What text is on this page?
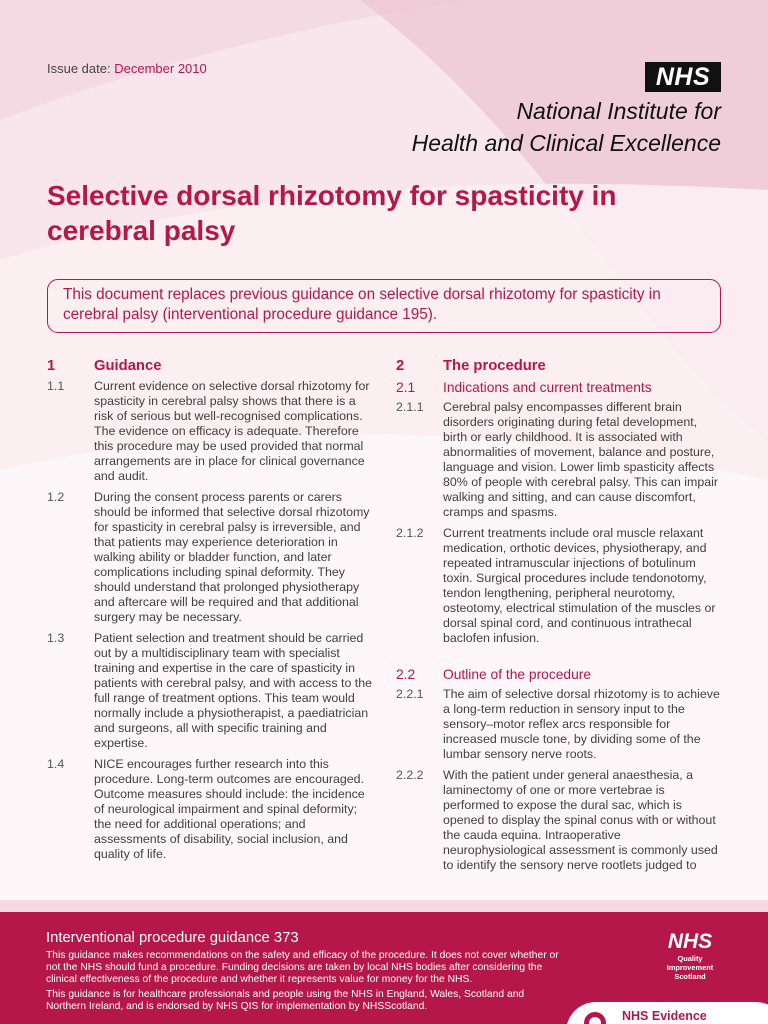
Issue date: December 2010	NHS
National Institute for
Health and Clinical Excellence
Selective dorsal rhizotomy for spasticity in
cerebral palsy
This document replaces previous guidance on selective dorsal rhizotomy for spasticity in cerebral palsy (interventional procedure guidance 195).
1	Guidance
1.1	Current evidence on selective dorsal rhizotomy for spasticity in cerebral palsy shows that there is a risk of serious but well-recognised complications. The evidence on efficacy is adequate. Therefore this procedure may be used provided that normal arrangements are in place for clinical governance and audit.
1.2	During the consent process parents or carers should be informed that selective dorsal rhizotomy for spasticity in cerebral palsy is irreversible, and that patients may experience deterioration in walking ability or bladder function, and later complications including spinal deformity. They should understand that prolonged physiotherapy and aftercare will be required and that additional surgery may be necessary.
1.3	Patient selection and treatment should be carried out by a multidisciplinary team with specialist training and expertise in the care of spasticity in patients with cerebral palsy, and with access to the full range of treatment options. This team would normally include a physiotherapist, a paediatrician and surgeons, all with specific training and expertise.
1.4	NICE encourages further research into this procedure. Long-term outcomes are encouraged. Outcome measures should include: the incidence of neurological impairment and spinal deformity; the need for additional operations; and assessments of disability, social inclusion, and quality of life.
2	The procedure
2.1	Indications and current treatments
2.1.1	Cerebral palsy encompasses different brain disorders originating during fetal development, birth or early childhood. It is associated with abnormalities of movement, balance and posture, language and vision. Lower limb spasticity affects 80% of people with cerebral palsy. This can impair walking and sitting, and can cause discomfort, cramps and spasms.
2.1.2	Current treatments include oral muscle relaxant medication, orthotic devices, physiotherapy, and repeated intramuscular injections of botulinum toxin. Surgical procedures include tendonotomy, tendon lengthening, peripheral neurotomy, osteotomy, electrical stimulation of the muscles or dorsal spinal cord, and continuous intrathecal baclofen infusion.
2.2	Outline of the procedure
2.2.1	The aim of selective dorsal rhizotomy is to achieve a long-term reduction in sensory input to the sensory–motor reflex arcs responsible for increased muscle tone, by dividing some of the lumbar sensory nerve roots.
2.2.2	With the patient under general anaesthesia, a laminectomy of one or more vertebrae is performed to expose the dural sac, which is opened to display the spinal conus with or without the cauda equina. Intraoperative neurophysiological assessment is commonly used to identify the sensory nerve rootlets judged to
Interventional procedure guidance 373

This guidance makes recommendations on the safety and efficacy of the procedure. It does not cover whether or not the NHS should fund a procedure. Funding decisions are taken by local NHS bodies after considering the clinical effectiveness of the procedure and whether it represents value for money for the NHS.

This guidance is for healthcare professionals and people using the NHS in England, Wales, Scotland and Northern Ireland, and is endorsed by NHS QIS for implementation by NHSScotland.

NHS
Quality
Improvement
Scotland
NHS Evidence
